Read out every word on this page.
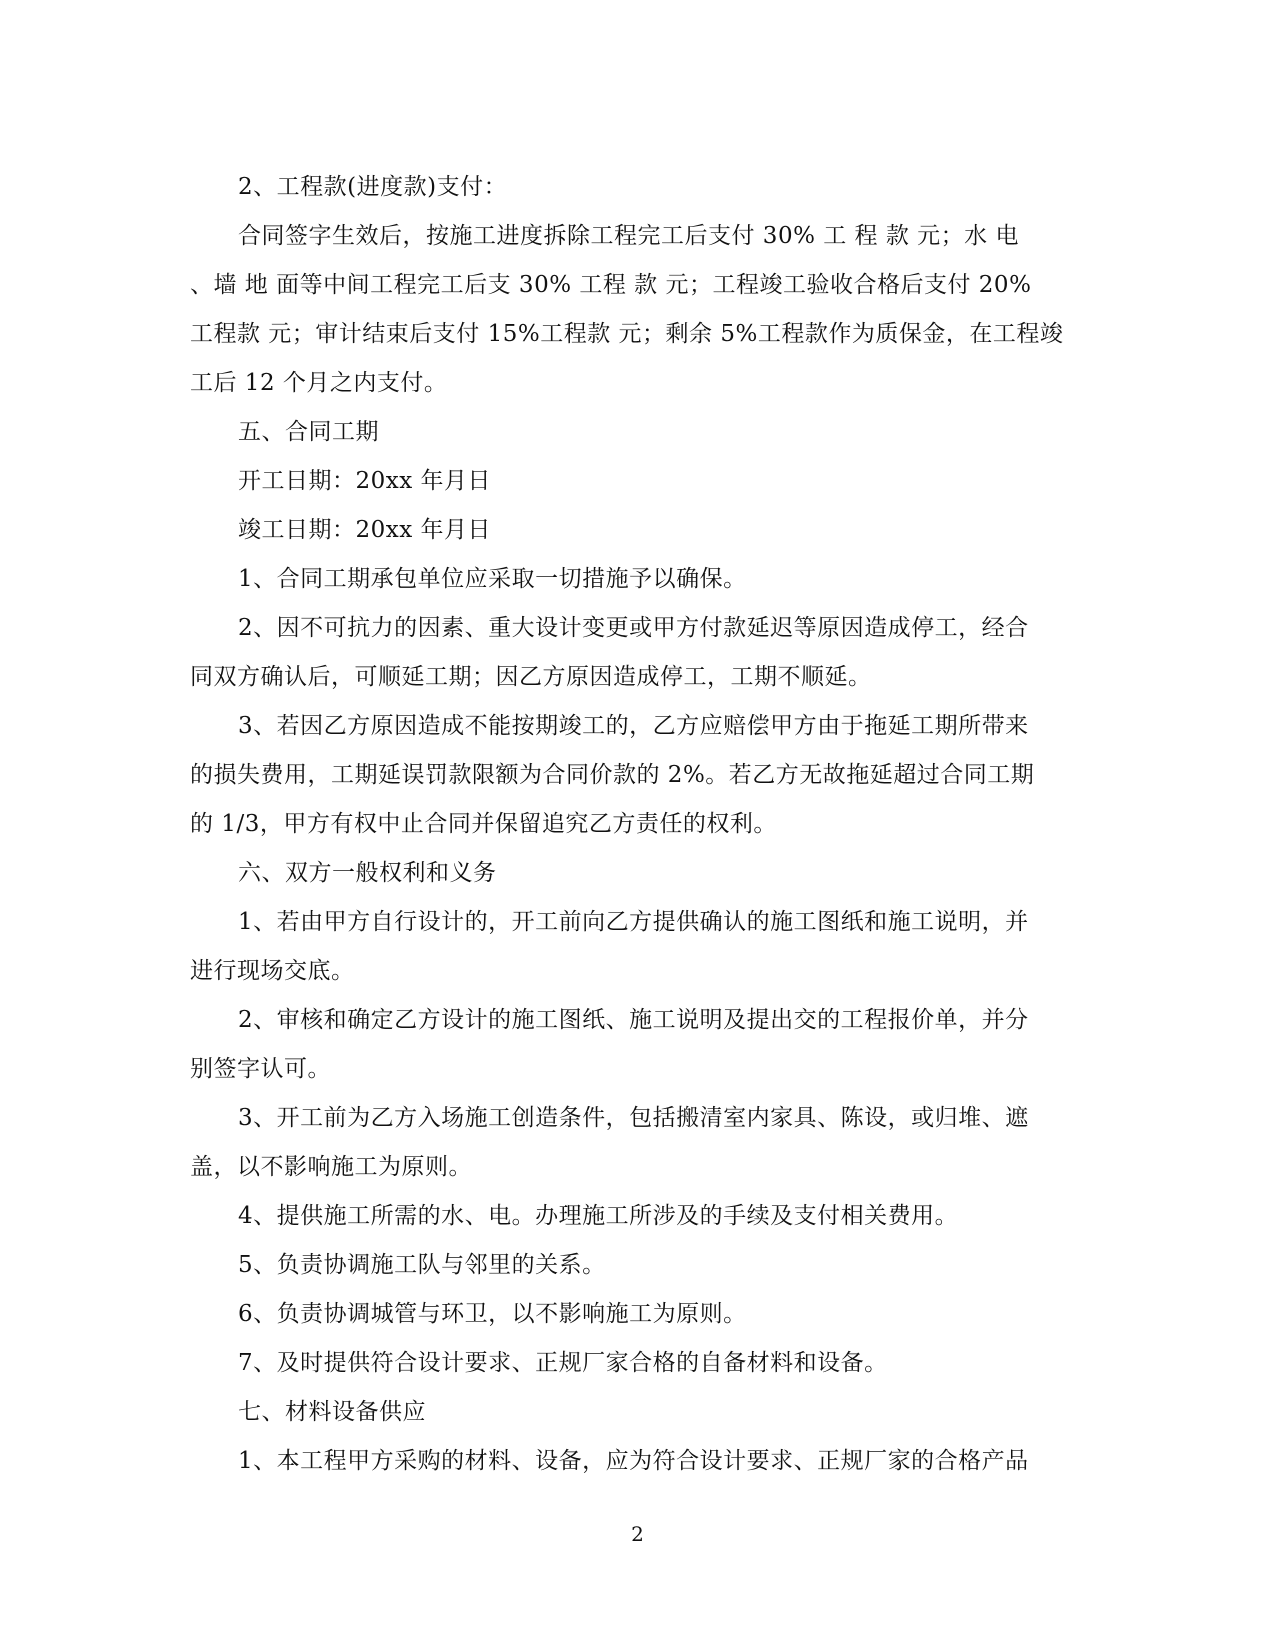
2、工程款(进度款)支付：
合同签字生效后，按施工进度拆除工程完工后支付 30% 工 程 款 元；水 电
、墙 地 面等中间工程完工后支 30% 工程 款 元；工程竣工验收合格后支付 20%
工程款 元；审计结束后支付 15%工程款 元；剩余 5%工程款作为质保金，在工程竣
工后 12 个月之内支付。
五、合同工期
开工日期：20xx 年月日
竣工日期：20xx 年月日
1、合同工期承包单位应采取一切措施予以确保。
2、因不可抗力的因素、重大设计变更或甲方付款延迟等原因造成停工，经合
同双方确认后，可顺延工期；因乙方原因造成停工，工期不顺延。
3、若因乙方原因造成不能按期竣工的，乙方应赔偿甲方由于拖延工期所带来
的损失费用，工期延误罚款限额为合同价款的 2%。若乙方无故拖延超过合同工期
的 1/3，甲方有权中止合同并保留追究乙方责任的权利。
六、双方一般权利和义务
1、若由甲方自行设计的，开工前向乙方提供确认的施工图纸和施工说明，并
进行现场交底。
2、审核和确定乙方设计的施工图纸、施工说明及提出交的工程报价单，并分
别签字认可。
3、开工前为乙方入场施工创造条件，包括搬清室内家具、陈设，或归堆、遮
盖，以不影响施工为原则。
4、提供施工所需的水、电。办理施工所涉及的手续及支付相关费用。
5、负责协调施工队与邻里的关系。
6、负责协调城管与环卫，以不影响施工为原则。
7、及时提供符合设计要求、正规厂家合格的自备材料和设备。
七、材料设备供应
1、本工程甲方采购的材料、设备，应为符合设计要求、正规厂家的合格产品
2
